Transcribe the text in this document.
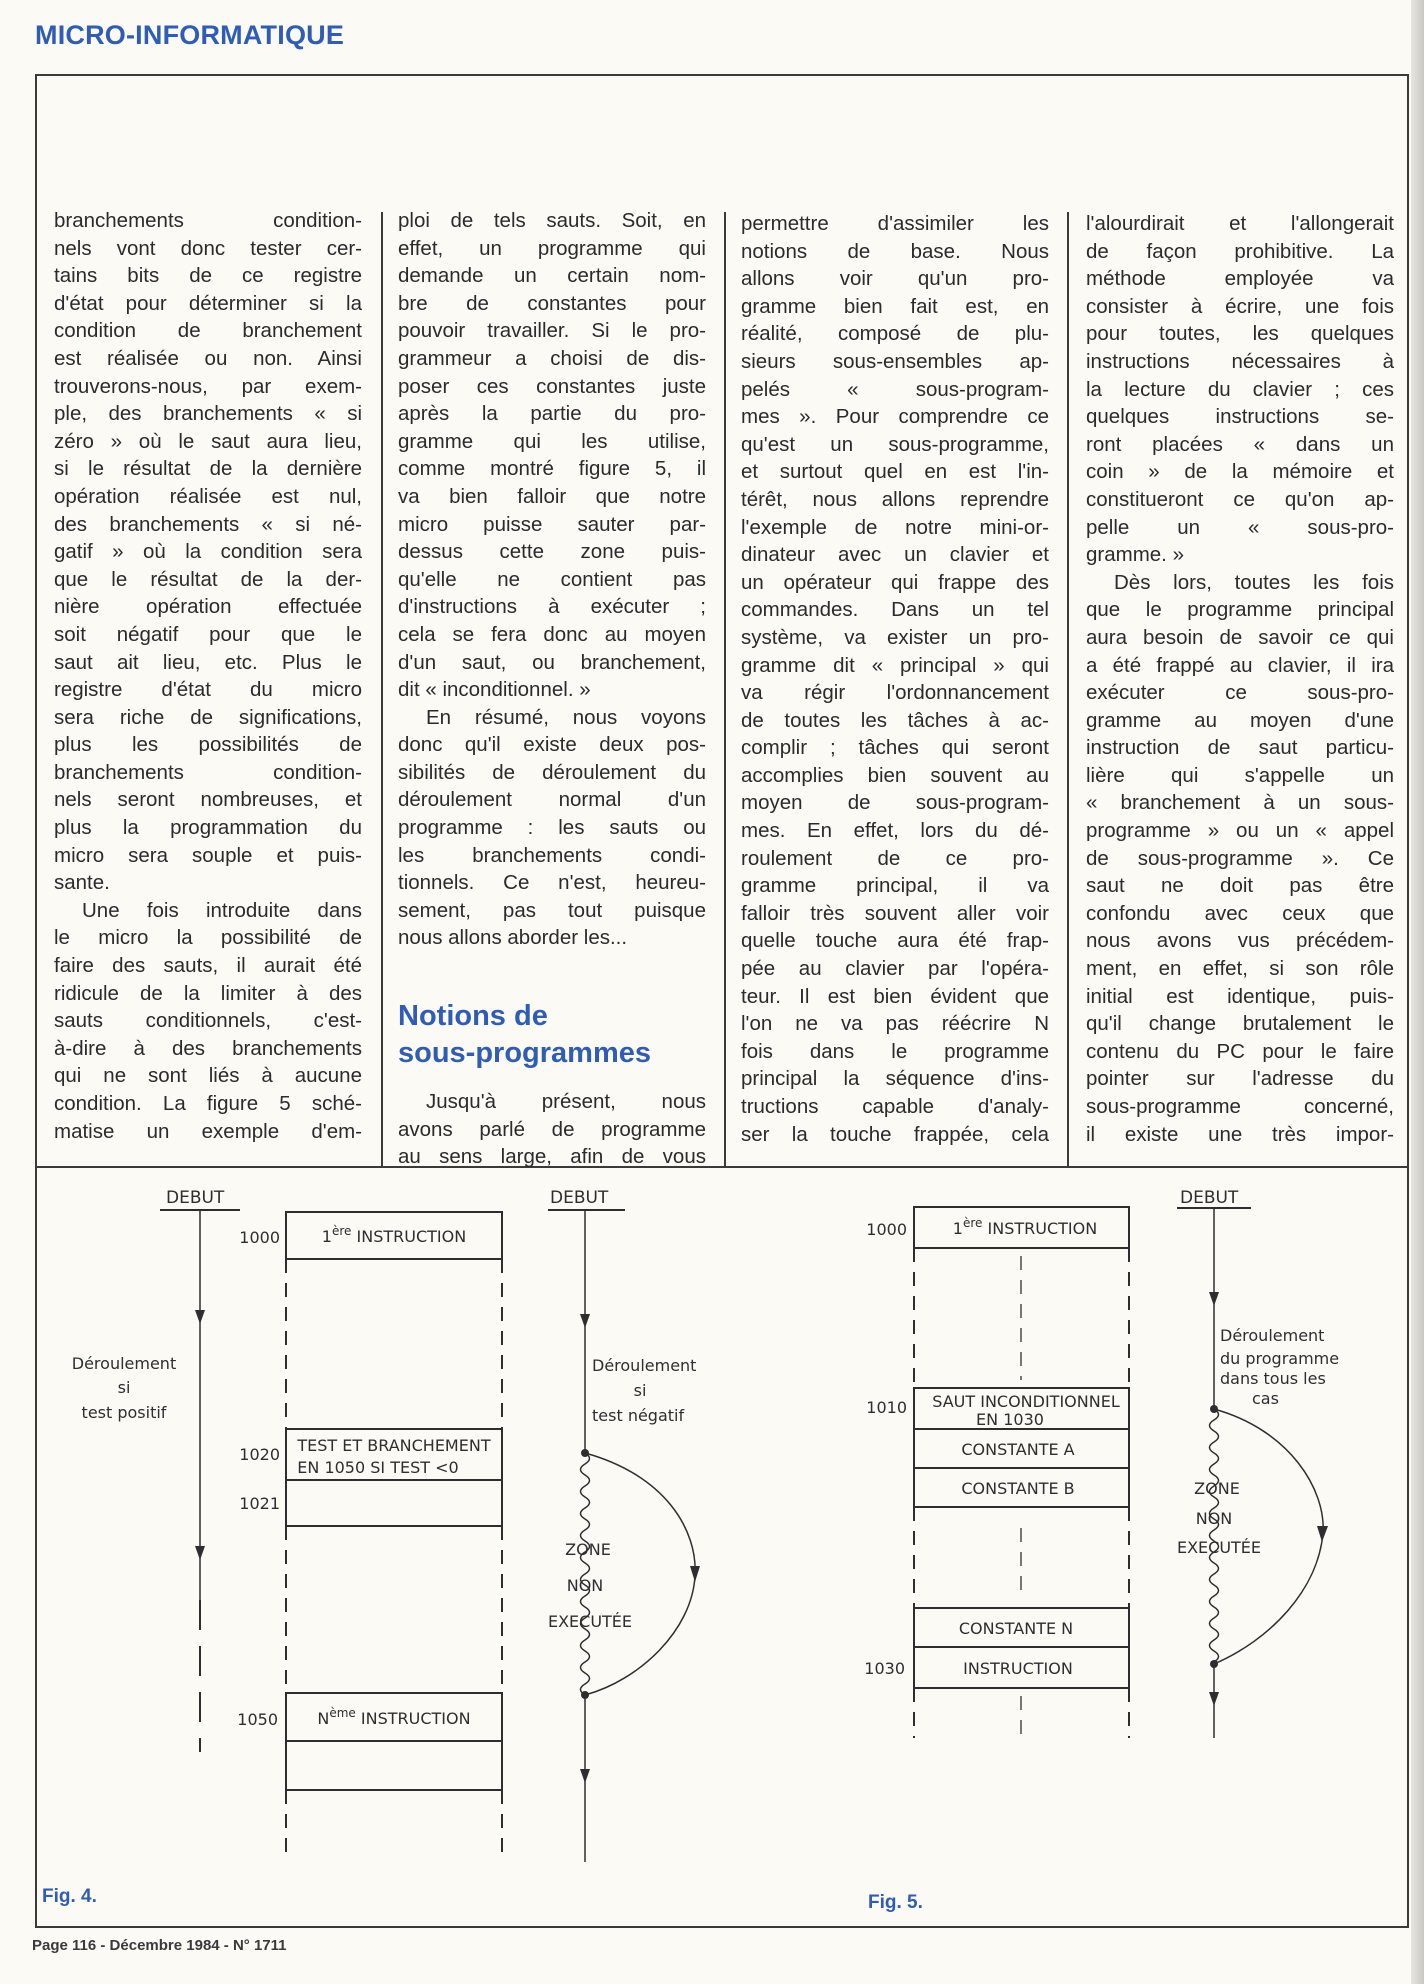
MICRO-INFORMATIQUE
branchements condition-
nels vont donc tester cer-
tains bits de ce registre
d'état pour déterminer si la
condition de branchement
est réalisée ou non. Ainsi
trouverons-nous, par exem-
ple, des branchements « si
zéro » où le saut aura lieu,
si le résultat de la dernière
opération réalisée est nul,
des branchements « si né-
gatif » où la condition sera
que le résultat de la der-
nière opération effectuée
soit négatif pour que le
saut ait lieu, etc. Plus le
registre d'état du micro
sera riche de significations,
plus les possibilités de
branchements condition-
nels seront nombreuses, et
plus la programmation du
micro sera souple et puis-
sante.
Une fois introduite dans
le micro la possibilité de
faire des sauts, il aurait été
ridicule de la limiter à des
sauts conditionnels, c'est-
à-dire à des branchements
qui ne sont liés à aucune
condition. La figure 5 sché-
matise un exemple d'em-
ploi de tels sauts. Soit, en
effet, un programme qui
demande un certain nom-
bre de constantes pour
pouvoir travailler. Si le pro-
grammeur a choisi de dis-
poser ces constantes juste
après la partie du pro-
gramme qui les utilise,
comme montré figure 5, il
va bien falloir que notre
micro puisse sauter par-
dessus cette zone puis-
qu'elle ne contient pas
d'instructions à exécuter ;
cela se fera donc au moyen
d'un saut, ou branchement,
dit « inconditionnel. »
En résumé, nous voyons
donc qu'il existe deux pos-
sibilités de déroulement du
déroulement normal d'un
programme : les sauts ou
les branchements condi-
tionnels. Ce n'est, heureu-
sement, pas tout puisque
nous allons aborder les...
Notions de
sous-programmes
Jusqu'à présent, nous
avons parlé de programme
au sens large, afin de vous
permettre d'assimiler les
notions de base. Nous
allons voir qu'un pro-
gramme bien fait est, en
réalité, composé de plu-
sieurs sous-ensembles ap-
pelés « sous-program-
mes ». Pour comprendre ce
qu'est un sous-programme,
et surtout quel en est l'in-
térêt, nous allons reprendre
l'exemple de notre mini-or-
dinateur avec un clavier et
un opérateur qui frappe des
commandes. Dans un tel
système, va exister un pro-
gramme dit « principal » qui
va régir l'ordonnancement
de toutes les tâches à ac-
complir ; tâches qui seront
accomplies bien souvent au
moyen de sous-program-
mes. En effet, lors du dé-
roulement de ce pro-
gramme principal, il va
falloir très souvent aller voir
quelle touche aura été frap-
pée au clavier par l'opéra-
teur. Il est bien évident que
l'on ne va pas réécrire N
fois dans le programme
principal la séquence d'ins-
tructions capable d'analy-
ser la touche frappée, cela
l'alourdirait et l'allongerait
de façon prohibitive. La
méthode employée va
consister à écrire, une fois
pour toutes, les quelques
instructions nécessaires à
la lecture du clavier ; ces
quelques instructions se-
ront placées « dans un
coin » de la mémoire et
constitueront ce qu'on ap-
pelle un « sous-pro-
gramme. »
Dès lors, toutes les fois
que le programme principal
aura besoin de savoir ce qui
a été frappé au clavier, il ira
exécuter ce sous-pro-
gramme au moyen d'une
instruction de saut particu-
lière qui s'appelle un
« branchement à un sous-
programme » ou un « appel
de sous-programme ». Ce
saut ne doit pas être
confondu avec ceux que
nous avons vus précédem-
ment, en effet, si son rôle
initial est identique, puis-
qu'il change brutalement le
contenu du PC pour le faire
pointer sur l'adresse du
sous-programme concerné,
il existe une très impor-
DEBUT
Déroulement
si
test positif
1000
1020
1021
1050
1ère INSTRUCTION
TEST ET BRANCHEMENT
EN 1050 SI TEST <0
$N^{ème}$ INSTRUCTION
DEBUT
Déroulement
si
test négatif
ZONE
NON
EXECUTÉE
1000
1010
1030
1ère INSTRUCTION
SAUT INCONDITIONNEL
EN 1030
CONSTANTE A
CONSTANTE B
CONSTANTE N
INSTRUCTION
DEBUT
Déroulement
du programme
dans tous les
cas
ZONE
NON
EXECUTÉE
Fig. 4.	Fig. 5.
Page 116 - Décembre 1984 - N° 1711
